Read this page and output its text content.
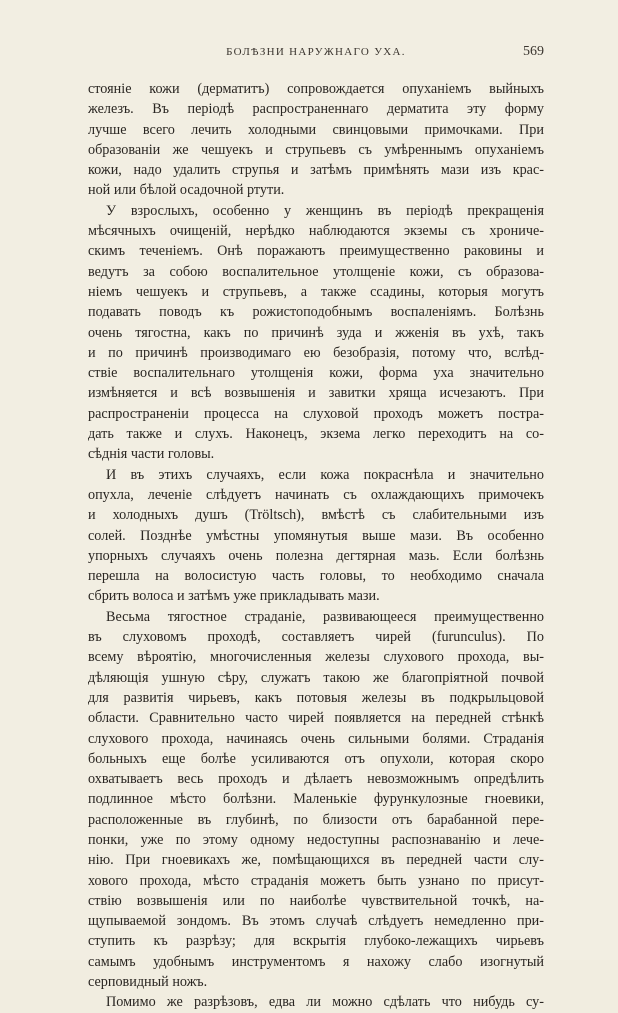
БОЛѢЗНИ НАРУЖНАГО УХА.	569

стояніе кожи (дерматитъ) сопровождается опуханіемъ выйныхъ
железъ. Въ періодѣ распространеннаго дерматита эту форму
лучше всего лечить холодными свинцовыми примочками. При
образованіи же чешуекъ и струпьевъ съ умѣреннымъ опуханіемъ
кожи, надо удалить струпья и затѣмъ примѣнять мази изъ крас-
ной или бѣлой осадочной ртути.

У взрослыхъ, особенно у женщинъ въ періодѣ прекращенія
мѣсячныхъ очищеній, нерѣдко наблюдаются экземы съ хрониче-
скимъ теченіемъ. Онѣ поражаютъ преимущественно раковины и
ведутъ за собою воспалительное утолщеніе кожи, съ образова-
ніемъ чешуекъ и струпьевъ, а также ссадины, которыя могутъ
подавать поводъ къ рожистоподобнымъ воспаленіямъ. Болѣзнь
очень тягостна, какъ по причинѣ зуда и жженія въ ухѣ, такъ
и по причинѣ производимаго ею безобразія, потому что, вслѣд-
ствіе воспалительнаго утолщенія кожи, форма уха значительно
измѣняется и всѣ возвышенія и завитки хряща исчезаютъ. При
распространеніи процесса на слуховой проходъ можетъ постра-
дать также и слухъ. Наконецъ, экзема легко переходитъ на со-
сѣднія части головы.

И въ этихъ случаяхъ, если кожа покраснѣла и значительно
опухла, леченіе слѣдуетъ начинать съ охлаждающихъ примочекъ
и холодныхъ душъ (Tröltsch), вмѣстѣ съ слабительными изъ
солей. Позднѣе умѣстны упомянутыя выше мази. Въ особенно
упорныхъ случаяхъ очень полезна дегтярная мазь. Если болѣзнь
перешла на волосистую часть головы, то необходимо сначала
сбрить волоса и затѣмъ уже прикладывать мази.

Весьма тягостное страданіе, развивающееся преимущественно
въ слуховомъ проходѣ, составляетъ чирей (furunculus). По
всему вѣроятію, многочисленныя железы слухового прохода, вы-
дѣляющія ушную сѣру, служатъ такою же благопріятной почвой
для развитія чирьевъ, какъ потовыя железы въ подкрыльцовой
области. Сравнительно часто чирей появляется на передней стѣнкѣ
слухового прохода, начинаясь очень сильными болями. Страданія
больныхъ еще болѣе усиливаются отъ опухоли, которая скоро
охватываетъ весь проходъ и дѣлаетъ невозможнымъ опредѣлить
подлинное мѣсто болѣзни. Маленькіе фурункулозные гноевики,
расположенные въ глубинѣ, по близости отъ барабанной пере-
понки, уже по этому одному недоступны распознаванію и лече-
нію. При гноевикахъ же, помѣщающихся въ передней части слу-
хового прохода, мѣсто страданія можетъ быть узнано по присут-
ствію возвышенія или по наиболѣе чувствительной точкѣ, на-
щупываемой зондомъ. Въ этомъ случаѣ слѣдуетъ немедленно при-
ступить къ разрѣзу; для вскрытія глубоко-лежащихъ чирьевъ
самымъ удобнымъ инструментомъ я нахожу слабо изогнутый
серповидный ножъ.

Помимо же разрѣзовъ, едва ли можно сдѣлать что нибудь су-
